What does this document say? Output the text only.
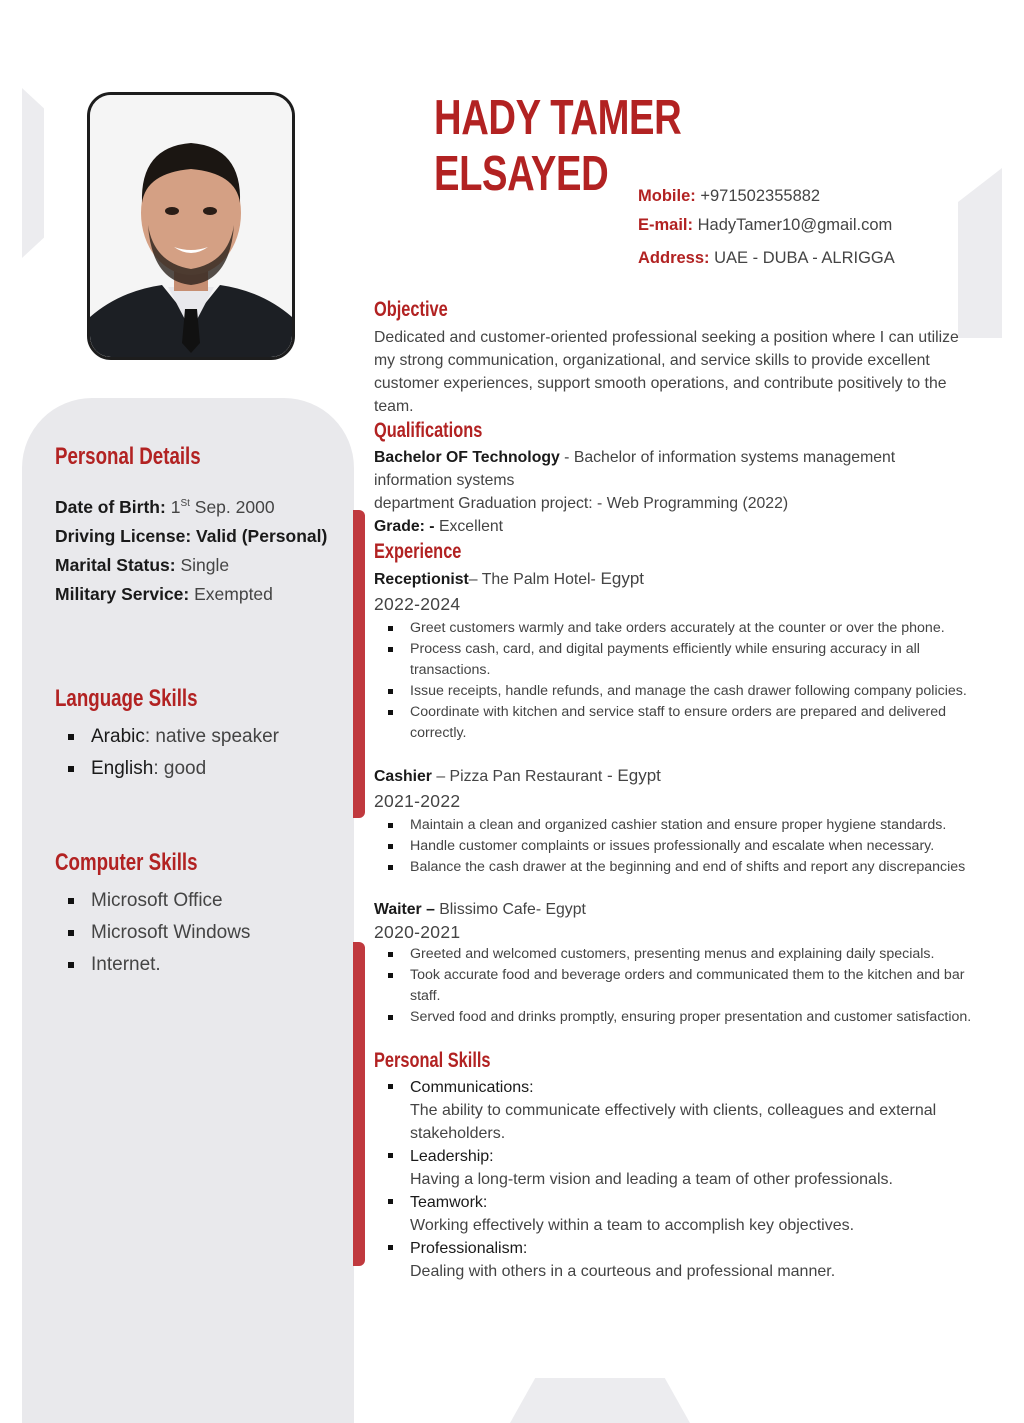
HADY TAMER ELSAYED	Mobile: +971502355882
E-mail: HadyTamer10@gmail.com
Address: UAE - DUBA - ALRIGGA
Personal Details
Date of Birth: 1St Sep. 2000
Driving License: Valid (Personal)
Marital Status: Single
Military Service: Exempted
Language Skills
Arabic: native speaker
English: good
Computer Skills
Microsoft Office
Microsoft Windows
Internet.
Objective
Dedicated and customer-oriented professional seeking a position where I can utilize
my strong communication, organizational, and service skills to provide excellent
customer experiences, support smooth operations, and contribute positively to the
team.
Qualifications
Bachelor OF Technology - Bachelor of information systems management
information systems
department Graduation project: - Web Programming (2022)
Grade: - Excellent
Experience
Receptionist– The Palm Hotel- Egypt
2022-2024
Greet customers warmly and take orders accurately at the counter or over the phone.
Process cash, card, and digital payments efficiently while ensuring accuracy in all transactions.
Issue receipts, handle refunds, and manage the cash drawer following company policies.
Coordinate with kitchen and service staff to ensure orders are prepared and delivered correctly.
Cashier – Pizza Pan Restaurant - Egypt
2021-2022
Maintain a clean and organized cashier station and ensure proper hygiene standards.
Handle customer complaints or issues professionally and escalate when necessary.
Balance the cash drawer at the beginning and end of shifts and report any discrepancies
Waiter – Blissimo Cafe- Egypt
2020-2021
Greeted and welcomed customers, presenting menus and explaining daily specials.
Took accurate food and beverage orders and communicated them to the kitchen and bar staff.
Served food and drinks promptly, ensuring proper presentation and customer satisfaction.
Personal Skills
Communications:
The ability to communicate effectively with clients, colleagues and external stakeholders.
Leadership:
Having a long-term vision and leading a team of other professionals.
Teamwork:
Working effectively within a team to accomplish key objectives.
Professionalism:
Dealing with others in a courteous and professional manner.
